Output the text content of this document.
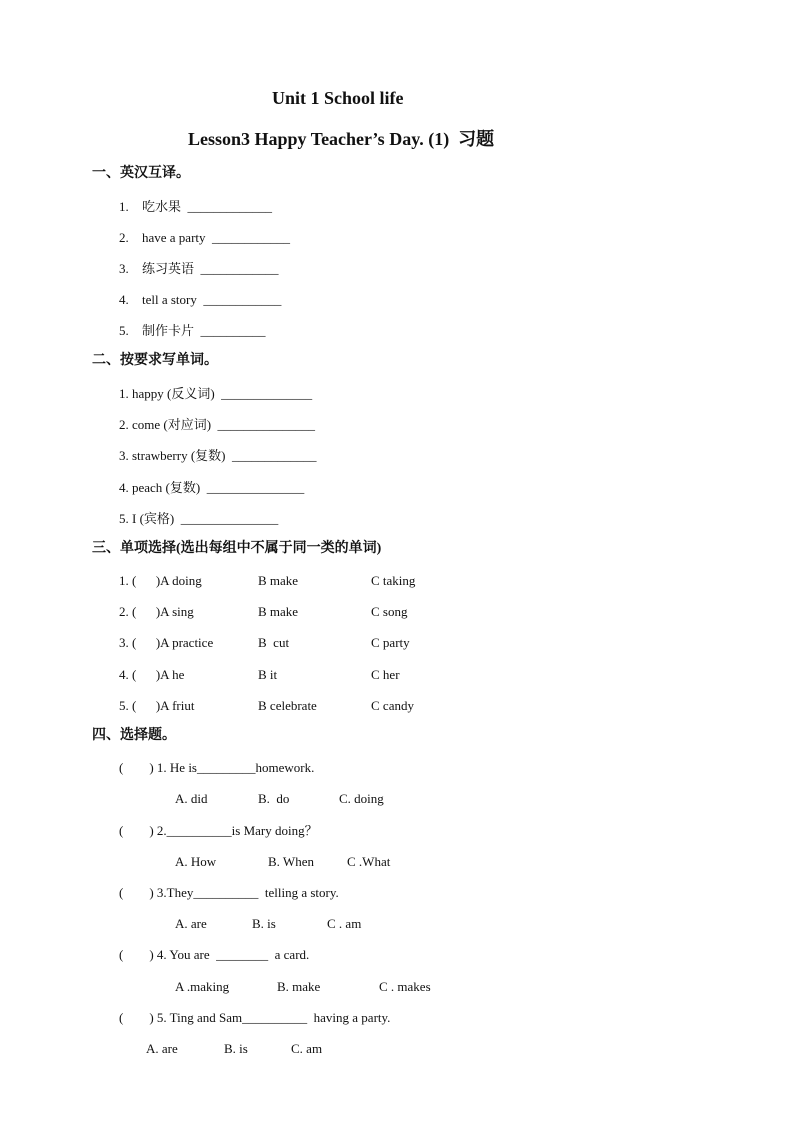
Unit 1 School life
Lesson3 Happy Teacher’s Day. (1)  习题
一、英汉互译。
1. 吃水果  _____________
2. have a party  ____________
3. 练习英语  ____________
4. tell a story  ____________
5. 制作卡片  __________
二、按要求写单词。
1. happy (反义词)  ______________
2. come (对应词)  _______________
3. strawberry (复数)  _____________
4. peach (复数)  _______________
5. I (宾格)  _______________
三、单项选择(选出每组中不属于同一类的单词)
1. (      )A doing	B make	C taking
2. (      )A sing	B make	C song
3. (      )A practice	B  cut	C party
4. (      )A he	B it	C her
5. (      )A friut	B celebrate	C candy
四、选择题。
(        ) 1. He is_________homework.
A. did	B.  do	C. doing
(        ) 2.__________is Mary doing？
A. How	B. When	C .What
(        ) 3.They__________  telling a story.
A. are	B. is	C . am
(        ) 4. You are  ________  a card.
A .making	B. make	C . makes
(        ) 5. Ting and Sam__________  having a party.
A. are	B. is	C. am
